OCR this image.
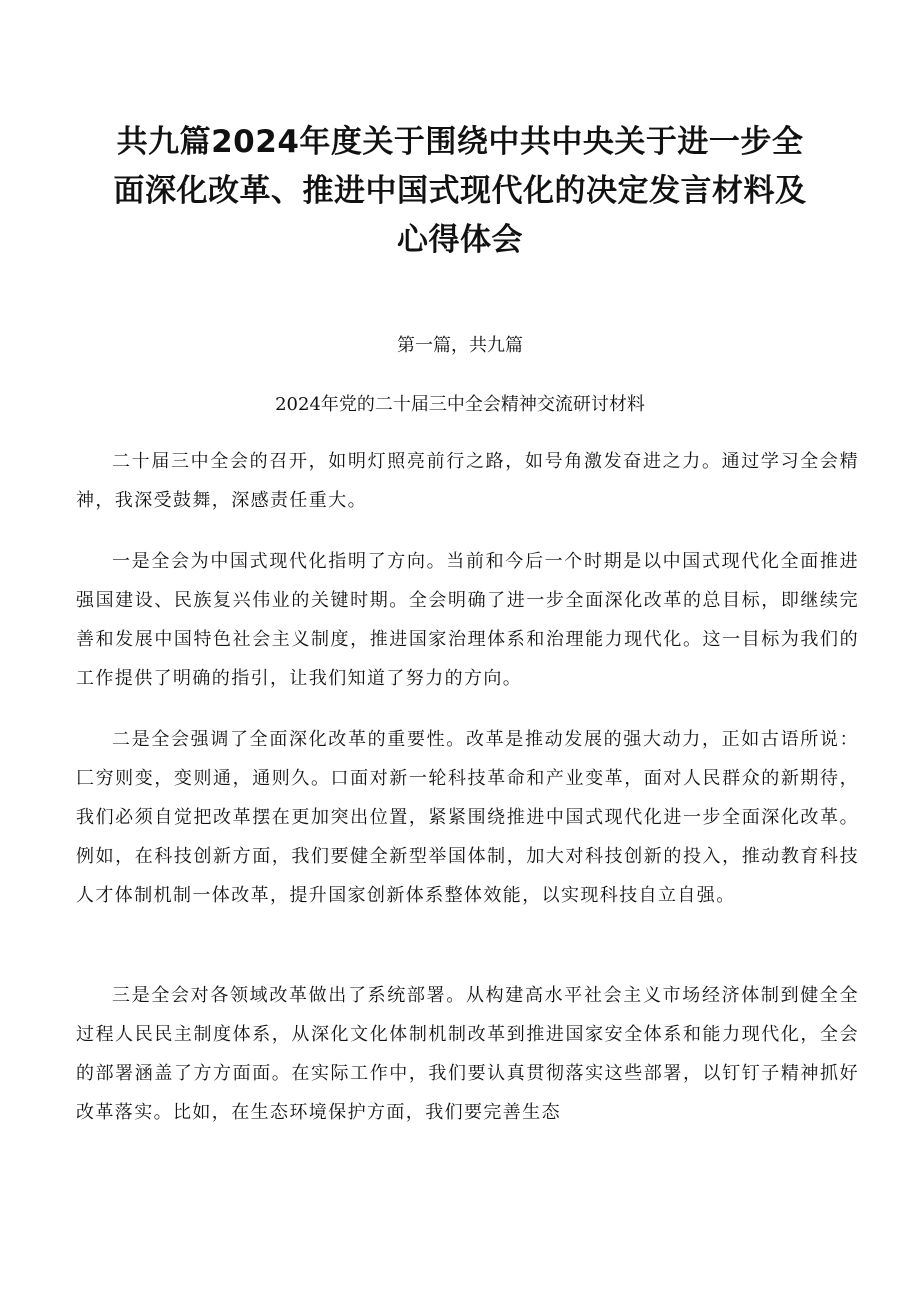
共九篇2024年度关于围绕中共中央关于进一步全面深化改革、推进中国式现代化的决定发言材料及心得体会

第一篇，共九篇

2024年党的二十届三中全会精神交流研讨材料

二十届三中全会的召开，如明灯照亮前行之路，如号角激发奋进之力。通过学习全会精神，我深受鼓舞，深感责任重大。

一是全会为中国式现代化指明了方向。当前和今后一个时期是以中国式现代化全面推进强国建设、民族复兴伟业的关键时期。全会明确了进一步全面深化改革的总目标，即继续完善和发展中国特色社会主义制度，推进国家治理体系和治理能力现代化。这一目标为我们的工作提供了明确的指引，让我们知道了努力的方向。

二是全会强调了全面深化改革的重要性。改革是推动发展的强大动力，正如古语所说：匚穷则变，变则通，通则久。口面对新一轮科技革命和产业变革，面对人民群众的新期待，我们必须自觉把改革摆在更加突出位置，紧紧围绕推进中国式现代化进一步全面深化改革。例如，在科技创新方面，我们要健全新型举国体制，加大对科技创新的投入，推动教育科技人才体制机制一体改革，提升国家创新体系整体效能，以实现科技自立自强。

三是全会对各领域改革做出了系统部署。从构建高水平社会主义市场经济体制到健全全过程人民民主制度体系，从深化文化体制机制改革到推进国家安全体系和能力现代化，全会的部署涵盖了方方面面。在实际工作中，我们要认真贯彻落实这些部署，以钉钉子精神抓好改革落实。比如，在生态环境保护方面，我们要完善生态
